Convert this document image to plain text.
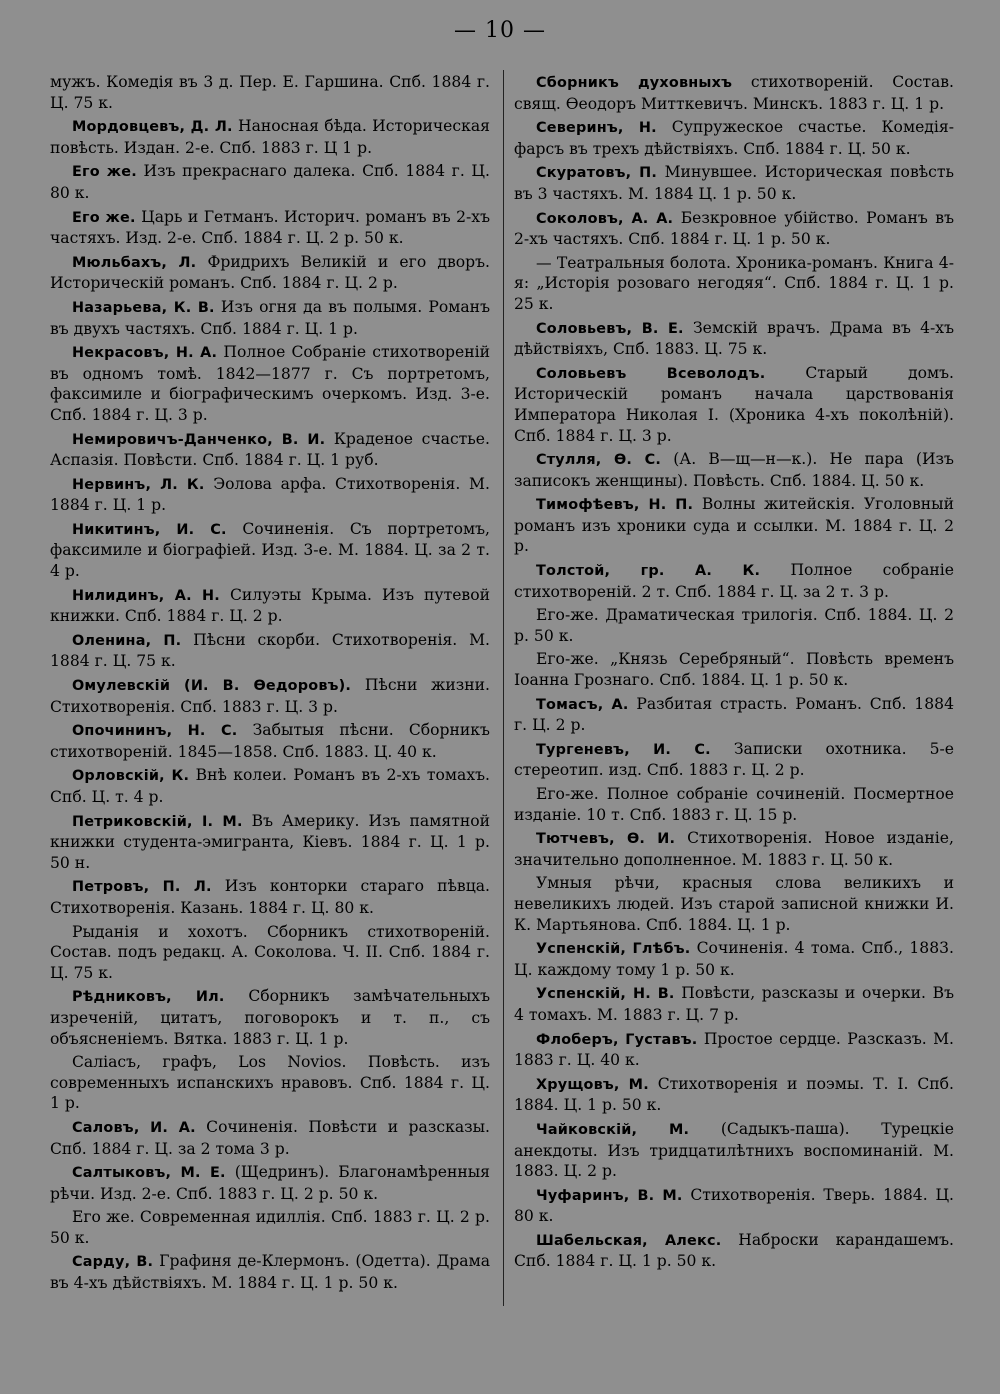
— 10 —

мужъ. Комедія въ 3 д. Пер. Е. Гаршина. Спб. 1884 г. Ц. 75 к.

Мордовцевъ, Д. Л. Наносная бѣда. Историческая повѣсть. Издан. 2-е. Спб. 1883 г. Ц 1 р.

Его же. Изъ прекраснаго далека. Спб. 1884 г. Ц. 80 к.

Его же. Царь и Гетманъ. Историч. романъ въ 2-хъ частяхъ. Изд. 2-е. Спб. 1884 г. Ц. 2 р. 50 к.

Мюльбахъ, Л. Фридрихъ Великій и его дворъ. Историческій романъ. Спб. 1884 г. Ц. 2 р.

Назарьева, К. В. Изъ огня да въ полымя. Романъ въ двухъ частяхъ. Спб. 1884 г. Ц. 1 р.

Некрасовъ, Н. А. Полное Собраніе стихотвореній въ одномъ томѣ. 1842—1877 г. Съ портретомъ, факсимиле и біографическимъ очеркомъ. Изд. 3-е. Спб. 1884 г. Ц. 3 р.

Немировичъ-Данченко, В. И. Краденое счастье. Аспазія. Повѣсти. Спб. 1884 г. Ц. 1 руб.

Нервинъ, Л. К. Эолова арфа. Стихотворенія. М. 1884 г. Ц. 1 р.

Никитинъ, И. С. Сочиненія. Съ портретомъ, факсимиле и біографіей. Изд. 3-е. М. 1884. Ц. за 2 т. 4 р.

Нилидинъ, А. Н. Силуэты Крыма. Изъ путевой книжки. Спб. 1884 г. Ц. 2 р.

Оленина, П. Пѣсни скорби. Стихотворенія. М. 1884 г. Ц. 75 к.

Омулевскій (И. В. Өедоровъ). Пѣсни жизни. Стихотворенія. Спб. 1883 г. Ц. 3 р.

Опочининъ, Н. С. Забытыя пѣсни. Сборникъ стихотвореній. 1845—1858. Спб. 1883. Ц. 40 к.

Орловскій, К. Внѣ колеи. Романъ въ 2-хъ томахъ. Спб. Ц. т. 4 р.

Петриковскій, I. М. Въ Америку. Изъ памятной книжки студента-эмигранта, Кіевъ. 1884 г. Ц. 1 р. 50 н.

Петровъ, П. Л. Изъ конторки стараго пѣвца. Стихотворенія. Казань. 1884 г. Ц. 80 к.

Рыданія и хохотъ. Сборникъ стихотвореній. Состав. подъ редакц. А. Соколова. Ч. II. Спб. 1884 г. Ц. 75 к.

Рѣдниковъ, Ил. Сборникъ замѣчательныхъ изреченій, цитатъ, поговорокъ и т. п., съ объясненіемъ. Вятка. 1883 г. Ц. 1 р.

Саліасъ, графъ, Los Novios. Повѣсть. изъ современныхъ испанскихъ нравовъ. Спб. 1884 г. Ц. 1 р.

Саловъ, И. А. Сочиненія. Повѣсти и разсказы. Спб. 1884 г. Ц. за 2 тома 3 р.

Салтыковъ, М. Е. (Щедринъ). Благонамѣренныя рѣчи. Изд. 2-е. Спб. 1883 г. Ц. 2 р. 50 к.

Его же. Современная идиллія. Спб. 1883 г. Ц. 2 р. 50 к.

Сарду, В. Графиня де-Клермонъ. (Одетта). Драма въ 4-хъ дѣйствіяхъ. М. 1884 г. Ц. 1 р. 50 к.

Сборникъ духовныхъ стихотвореній. Состав. свящ. Өеодоръ Митткевичъ. Минскъ. 1883 г. Ц. 1 р.

Северинъ, Н. Супружеское счастье. Комедія-фарсъ въ трехъ дѣйствіяхъ. Спб. 1884 г. Ц. 50 к.

Скуратовъ, П. Минувшее. Историческая повѣсть въ 3 частяхъ. М. 1884 Ц. 1 р. 50 к.

Соколовъ, А. А. Безкровное убійство. Романъ въ 2-хъ частяхъ. Спб. 1884 г. Ц. 1 р. 50 к.

— Театральныя болота. Хроника-романъ. Книга 4-я: „Исторія розоваго негодяя“. Спб. 1884 г. Ц. 1 р. 25 к.

Соловьевъ, В. Е. Земскій врачъ. Драма въ 4-хъ дѣйствіяхъ, Спб. 1883. Ц. 75 к.

Соловьевъ Всеволодъ.	Старый домъ. Историческій романъ начала царствованія Императора Николая I. (Хроника 4-хъ поколѣній). Спб. 1884 г. Ц. 3 р.

Стулля, Ө. С. (А. В—щ—н—к.). Не пара (Изъ записокъ женщины). Повѣсть. Спб. 1884. Ц. 50 к.

Тимофѣевъ, Н. П. Волны житейскія. Уголовный романъ изъ хроники суда и ссылки. М. 1884 г. Ц. 2 р.

Толстой, гр. А. К. Полное собраніе стихотвореній. 2 т. Спб. 1884 г. Ц. за 2 т. 3 р.

Его-же. Драматическая трилогія. Спб. 1884. Ц. 2 р. 50 к.

Его-же. „Князь Серебряный“. Повѣсть временъ Іоанна Грознаго. Спб. 1884. Ц. 1 р. 50 к.

Томасъ, А. Разбитая страсть. Романъ. Спб. 1884 г. Ц. 2 р.

Тургеневъ, И. С. Записки охотника. 5-е стереотип. изд. Спб. 1883 г. Ц. 2 р.

Его-же. Полное собраніе сочиненій. Посмертное изданіе. 10 т. Спб. 1883 г. Ц. 15 р.

Тютчевъ, Ө. И. Стихотворенія. Новое изданіе, значительно дополненное. М. 1883 г. Ц. 50 к.

Умныя рѣчи, красныя слова великихъ и невеликихъ людей. Изъ старой записной книжки И. К. Мартьянова. Спб. 1884. Ц. 1 р.

Успенскій, Глѣбъ. Сочиненія. 4 тома. Спб., 1883. Ц. каждому тому 1 р. 50 к.

Успенскій, Н. В. Повѣсти, разсказы и очерки. Въ 4 томахъ. М. 1883 г. Ц. 7 р.

Флоберъ, Густавъ. Простое сердце. Разсказъ. М. 1883 г. Ц. 40 к.

Хрущовъ, М. Стихотворенія и поэмы. Т. I. Спб. 1884. Ц. 1 р. 50 к.

Чайковскій, М. (Садыкъ-паша). Турецкіе анекдоты. Изъ тридцатилѣтнихъ воспоминаній. М. 1883. Ц. 2 р.

Чуфаринъ, В. М. Стихотворенія. Тверь. 1884. Ц. 80 к.

Шабельская, Алекс. Наброски карандашемъ. Спб. 1884 г. Ц. 1 р. 50 к.
